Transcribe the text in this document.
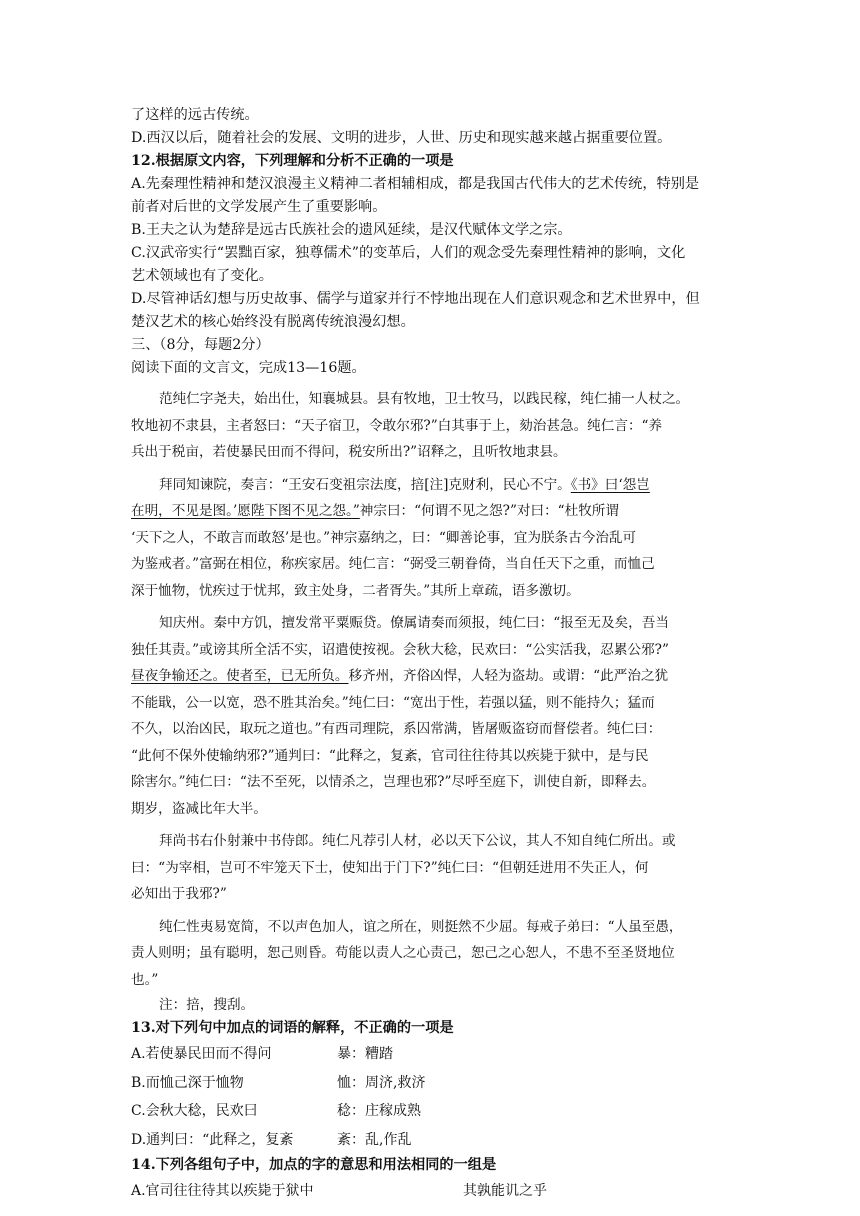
了这样的远古传统。
D.西汉以后，随着社会的发展、文明的进步，人世、历史和现实越来越占据重要位置。
12.根据原文内容，下列理解和分析不正确的一项是
A.先秦理性精神和楚汉浪漫主义精神二者相辅相成，都是我国古代伟大的艺术传统，特别是
前者对后世的文学发展产生了重要影响。
B.王夫之认为楚辞是远古氏族社会的遗风延续，是汉代赋体文学之宗。
C.汉武帝实行“罢黜百家，独尊儒术”的变革后，人们的观念受先秦理性精神的影响，文化
艺术领域也有了变化。
D.尽管神话幻想与历史故事、儒学与道家并行不悖地出现在人们意识观念和艺术世界中，但
楚汉艺术的核心始终没有脱离传统浪漫幻想。
三、（8分，每题2分）
阅读下面的文言文，完成13—16题。
范纯仁字尧夫，始出仕，知襄城县。县有牧地，卫士牧马，以践民稼，纯仁捕一人杖之。
牧地初不隶县，主者怒曰：“天子宿卫，令敢尔邪?”白其事于上，劾治甚急。纯仁言：“养
兵出于税亩，若使暴民田而不得问，税安所出?”诏释之，且听牧地隶县。
拜同知谏院，奏言：“王安石变祖宗法度，掊[注]克财利，民心不宁。《书》曰‘怨岂
在明，不见是图。’愿陛下图不见之怨。”神宗曰：“何谓不见之怨?”对曰：“杜牧所谓
‘天下之人，不敢言而敢怒’是也。”神宗嘉纳之，曰：“卿善论事，宜为朕条古今治乱可
为鉴戒者。”富弼在相位，称疾家居。纯仁言：“弼受三朝眷倚，当自任天下之重，而恤己
深于恤物，忧疾过于忧邦，致主处身，二者胥失。”其所上章疏，语多激切。
知庆州。秦中方饥，擅发常平粟赈贷。僚属请奏而须报，纯仁曰：“报至无及矣，吾当
独任其责。”或谤其所全活不实，诏遣使按视。会秋大稔，民欢曰：“公实活我，忍累公邪?”
昼夜争输还之。使者至，已无所负。移齐州，齐俗凶悍，人轻为盗劫。或谓：“此严治之犹
不能戢，公一以宽，恐不胜其治矣。”纯仁曰：“宽出于性，若强以猛，则不能持久；猛而
不久，以治凶民，取玩之道也。”有西司理院，系囚常满，皆屠贩盗窃而督偿者。纯仁曰：
“此何不保外使输纳邪?”通判曰：“此释之，复紊，官司往往待其以疾毙于狱中，是与民
除害尔。”纯仁曰：“法不至死，以情杀之，岂理也邪?”尽呼至庭下，训使自新，即释去。
期岁，盗减比年大半。
拜尚书右仆射兼中书侍郎。纯仁凡荐引人材，必以天下公议，其人不知自纯仁所出。或
曰：“为宰相，岂可不牢笼天下士，使知出于门下?”纯仁曰：“但朝廷进用不失正人，何
必知出于我邪?”
纯仁性夷易宽简，不以声色加人，谊之所在，则挺然不少屈。每戒子弟曰：“人虽至愚，
责人则明；虽有聪明，恕己则昏。苟能以责人之心责己，恕己之心恕人，不患不至圣贤地位
也。”
注：掊，搜刮。
13.对下列句中加点的词语的解释，不正确的一项是
A.若使暴民田而不得问	暴：糟踏
B.而恤己深于恤物	恤：周济,救济
C.会秋大稔，民欢曰	稔：庄稼成熟
D.通判曰：“此释之，复紊	紊：乱,作乱
14.下列各组句子中，加点的字的意思和用法相同的一组是
A.官司往往待其以疾毙于狱中	其孰能讥之乎
